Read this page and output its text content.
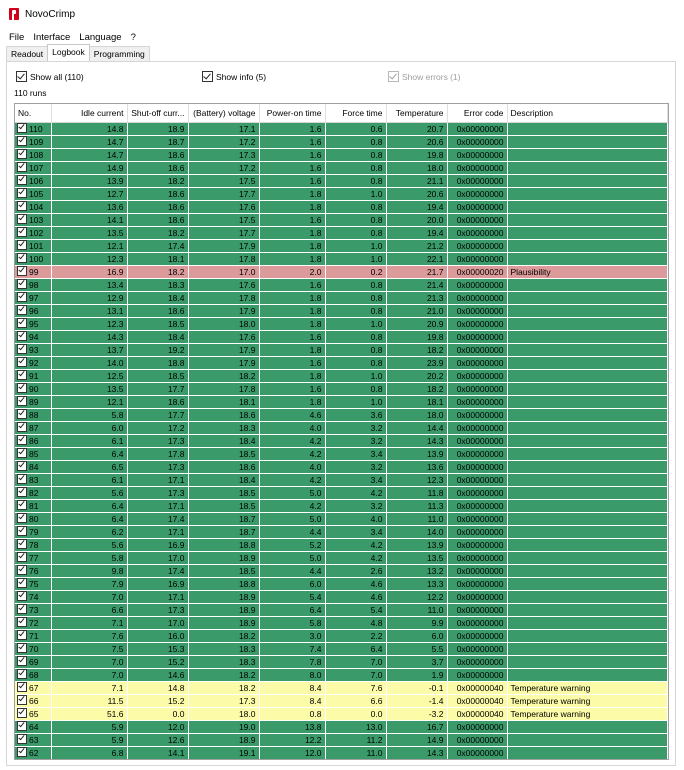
NovoCrimp
File Interface Language ?
Readout	Logbook	Programming
Show all (110)	Show info (5)	Show errors (1)
110 runs
No.	Idle current	Shut-off curr...	(Battery) voltage	Power-on time	Force time	Temperature	Error code	Description
110	14.8	18.9	17.1	1.6	0.6	20.7	0x00000000	
109	14.7	18.7	17.2	1.6	0.8	20.6	0x00000000	
108	14.7	18.6	17.3	1.6	0.8	19.8	0x00000000	
107	14.9	18.6	17.2	1.6	0.8	18.0	0x00000000	
106	13.9	18.2	17.5	1.6	0.8	21.1	0x00000000	
105	12.7	18.6	17.7	1.8	1.0	20.6	0x00000000	
104	13.6	18.6	17.6	1.8	0.8	19.4	0x00000000	
103	14.1	18.6	17.5	1.6	0.8	20.0	0x00000000	
102	13.5	18.2	17.7	1.8	0.8	19.4	0x00000000	
101	12.1	17.4	17.9	1.8	1.0	21.2	0x00000000	
100	12.3	18.1	17.8	1.8	1.0	22.1	0x00000000	
99	16.9	18.2	17.0	2.0	0.2	21.7	0x00000020	Plausibility
98	13.4	18.3	17.6	1.6	0.8	21.4	0x00000000	
97	12.9	18.4	17.8	1.8	0.8	21.3	0x00000000	
96	13.1	18.6	17.9	1.8	0.8	21.0	0x00000000	
95	12.3	18.5	18.0	1.8	1.0	20.9	0x00000000	
94	14.3	18.4	17.6	1.6	0.8	19.8	0x00000000	
93	13.7	19.2	17.9	1.8	0.8	18.2	0x00000000	
92	14.0	18.8	17.9	1.6	0.8	23.9	0x00000000	
91	12.5	18.5	18.2	1.8	1.0	20.2	0x00000000	
90	13.5	17.7	17.8	1.6	0.8	18.2	0x00000000	
89	12.1	18.6	18.1	1.8	1.0	18.1	0x00000000	
88	5.8	17.7	18.6	4.6	3.6	18.0	0x00000000	
87	6.0	17.2	18.3	4.0	3.2	14.4	0x00000000	
86	6.1	17.3	18.4	4.2	3.2	14.3	0x00000000	
85	6.4	17.8	18.5	4.2	3.4	13.9	0x00000000	
84	6.5	17.3	18.6	4.0	3.2	13.6	0x00000000	
83	6.1	17.1	18.4	4.2	3.4	12.3	0x00000000	
82	5.6	17.3	18.5	5.0	4.2	11.8	0x00000000	
81	6.4	17.1	18.5	4.2	3.2	11.3	0x00000000	
80	6.4	17.4	18.7	5.0	4.0	11.0	0x00000000	
79	6.2	17.1	18.7	4.4	3.4	14.0	0x00000000	
78	5.6	16.9	18.8	5.2	4.2	13.9	0x00000000	
77	5.8	17.0	18.9	5.0	4.2	13.5	0x00000000	
76	9.8	17.4	18.5	4.4	2.6	13.2	0x00000000	
75	7.9	16.9	18.8	6.0	4.6	13.3	0x00000000	
74	7.0	17.1	18.9	5.4	4.6	12.2	0x00000000	
73	6.6	17.3	18.9	6.4	5.4	11.0	0x00000000	
72	7.1	17.0	18.9	5.8	4.8	9.9	0x00000000	
71	7.6	16.0	18.2	3.0	2.2	6.0	0x00000000	
70	7.5	15.3	18.3	7.4	6.4	5.5	0x00000000	
69	7.0	15.2	18.3	7.8	7.0	3.7	0x00000000	
68	7.0	14.6	18.2	8.0	7.0	1.9	0x00000000	
67	7.1	14.8	18.2	8.4	7.6	-0.1	0x00000040	Temperature warning
66	11.5	15.2	17.3	8.4	6.6	-1.4	0x00000040	Temperature warning
65	51.6	0.0	18.0	0.8	0.0	-3.2	0x00000040	Temperature warning
64	5.9	12.0	19.0	13.8	13.0	16.7	0x00000000	
63	5.9	12.6	18.9	12.2	11.2	14.9	0x00000000	
62	6.8	14.1	19.1	12.0	11.0	14.3	0x00000000	
